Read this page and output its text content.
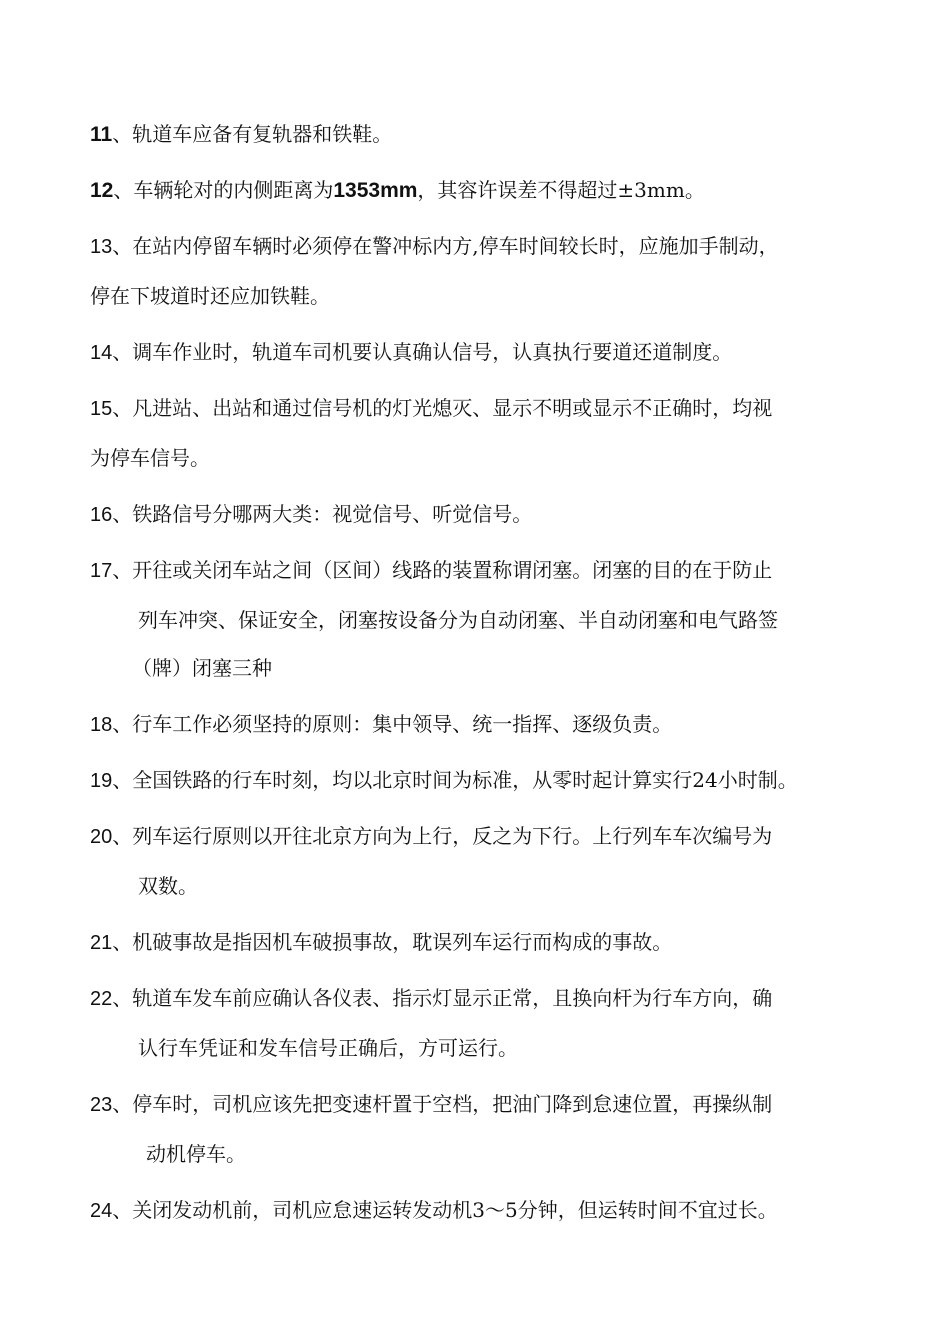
11、轨道车应备有复轨器和铁鞋。
12、车辆轮对的内侧距离为1353mm，其容许误差不得超过±3mm。
13、在站内停留车辆时必须停在警冲标内方,停车时间较长时，应施加手制动，
停在下坡道时还应加铁鞋。
14、调车作业时，轨道车司机要认真确认信号，认真执行要道还道制度。
15、凡进站、出站和通过信号机的灯光熄灭、显示不明或显示不正确时，均视
为停车信号。
16、铁路信号分哪两大类：视觉信号、听觉信号。
17、开往或关闭车站之间（区间）线路的装置称谓闭塞。闭塞的目的在于防止
列车冲突、保证安全，闭塞按设备分为自动闭塞、半自动闭塞和电气路签
（牌）闭塞三种
18、行车工作必须坚持的原则：集中领导、统一指挥、逐级负责。
19、全国铁路的行车时刻，均以北京时间为标准，从零时起计算实行24小时制。
20、列车运行原则以开往北京方向为上行，反之为下行。上行列车车次编号为
双数。
21、机破事故是指因机车破损事故，耽误列车运行而构成的事故。
22、轨道车发车前应确认各仪表、指示灯显示正常，且换向杆为行车方向，确
认行车凭证和发车信号正确后，方可运行。
23、停车时，司机应该先把变速杆置于空档，把油门降到怠速位置，再操纵制
动机停车。
24、关闭发动机前，司机应怠速运转发动机3～5分钟，但运转时间不宜过长。
